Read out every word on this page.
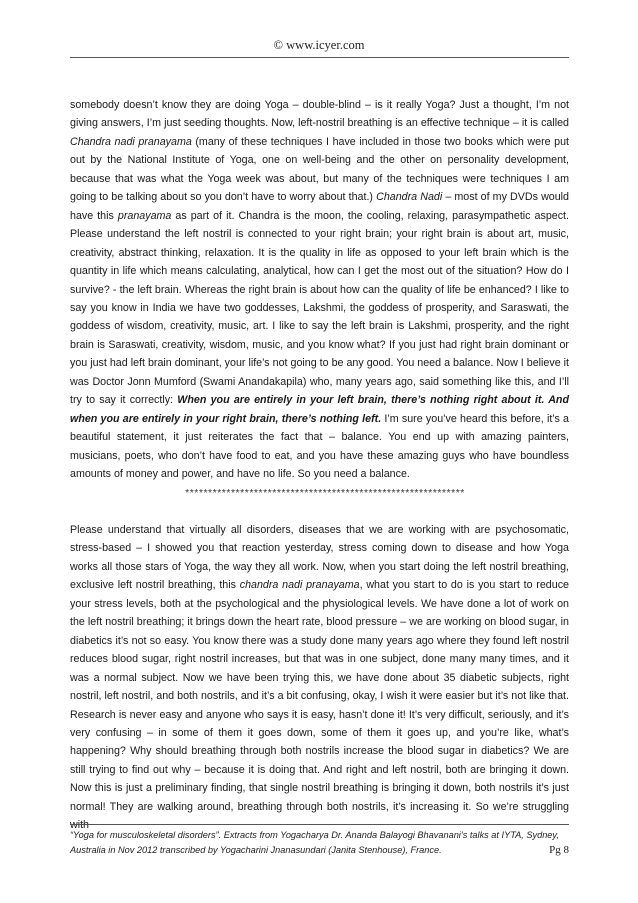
© www.icyer.com

somebody doesn’t know they are doing Yoga – double-blind – is it really Yoga? Just a thought, I’m not giving answers, I’m just seeding thoughts. Now, left-nostril breathing is an effective technique – it is called Chandra nadi pranayama (many of these techniques I have included in those two books which were put out by the National Institute of Yoga, one on well-being and the other on personality development, because that was what the Yoga week was about, but many of the techniques were techniques I am going to be talking about so you don’t have to worry about that.) Chandra Nadi – most of my DVDs would have this pranayama as part of it. Chandra is the moon, the cooling, relaxing, parasympathetic aspect. Please understand the left nostril is connected to your right brain; your right brain is about art, music, creativity, abstract thinking, relaxation. It is the quality in life as opposed to your left brain which is the quantity in life which means calculating, analytical, how can I get the most out of the situation? How do I survive? - the left brain. Whereas the right brain is about how can the quality of life be enhanced? I like to say you know in India we have two goddesses, Lakshmi, the goddess of prosperity, and Saraswati, the goddess of wisdom, creativity, music, art. I like to say the left brain is Lakshmi, prosperity, and the right brain is Saraswati, creativity, wisdom, music, and you know what? If you just had right brain dominant or you just had left brain dominant, your life’s not going to be any good. You need a balance. Now I believe it was Doctor Jonn Mumford (Swami Anandakapila) who, many years ago, said something like this, and I’ll try to say it correctly: When you are entirely in your left brain, there’s nothing right about it. And when you are entirely in your right brain, there’s nothing left. I’m sure you’ve heard this before, it’s a beautiful statement, it just reiterates the fact that – balance. You end up with amazing painters, musicians, poets, who don’t have food to eat, and you have these amazing guys who have boundless amounts of money and power, and have no life. So you need a balance.

*************************************************************

Please understand that virtually all disorders, diseases that we are working with are psychosomatic, stress-based – I showed you that reaction yesterday, stress coming down to disease and how Yoga works all those stars of Yoga, the way they all work. Now, when you start doing the left nostril breathing, exclusive left nostril breathing, this chandra nadi pranayama, what you start to do is you start to reduce your stress levels, both at the psychological and the physiological levels. We have done a lot of work on the left nostril breathing; it brings down the heart rate, blood pressure – we are working on blood sugar, in diabetics it’s not so easy. You know there was a study done many years ago where they found left nostril reduces blood sugar, right nostril increases, but that was in one subject, done many many times, and it was a normal subject. Now we have been trying this, we have done about 35 diabetic subjects, right nostril, left nostril, and both nostrils, and it’s a bit confusing, okay, I wish it were easier but it’s not like that. Research is never easy and anyone who says it is easy, hasn’t done it! It’s very difficult, seriously, and it’s very confusing – in some of them it goes down, some of them it goes up, and you’re like, what’s happening? Why should breathing through both nostrils increase the blood sugar in diabetics? We are still trying to find out why – because it is doing that. And right and left nostril, both are bringing it down. Now this is just a preliminary finding, that single nostril breathing is bringing it down, both nostrils it’s just normal! They are walking around, breathing through both nostrils, it’s increasing it. So we’re struggling with

“Yoga for musculoskeletal disorders”. Extracts from Yogacharya Dr. Ananda Balayogi Bhavanani’s talks at IYTA, Sydney,
Australia in Nov 2012 transcribed by Yogacharini Jnanasundari (Janita Stenhouse), France.	Pg 8
